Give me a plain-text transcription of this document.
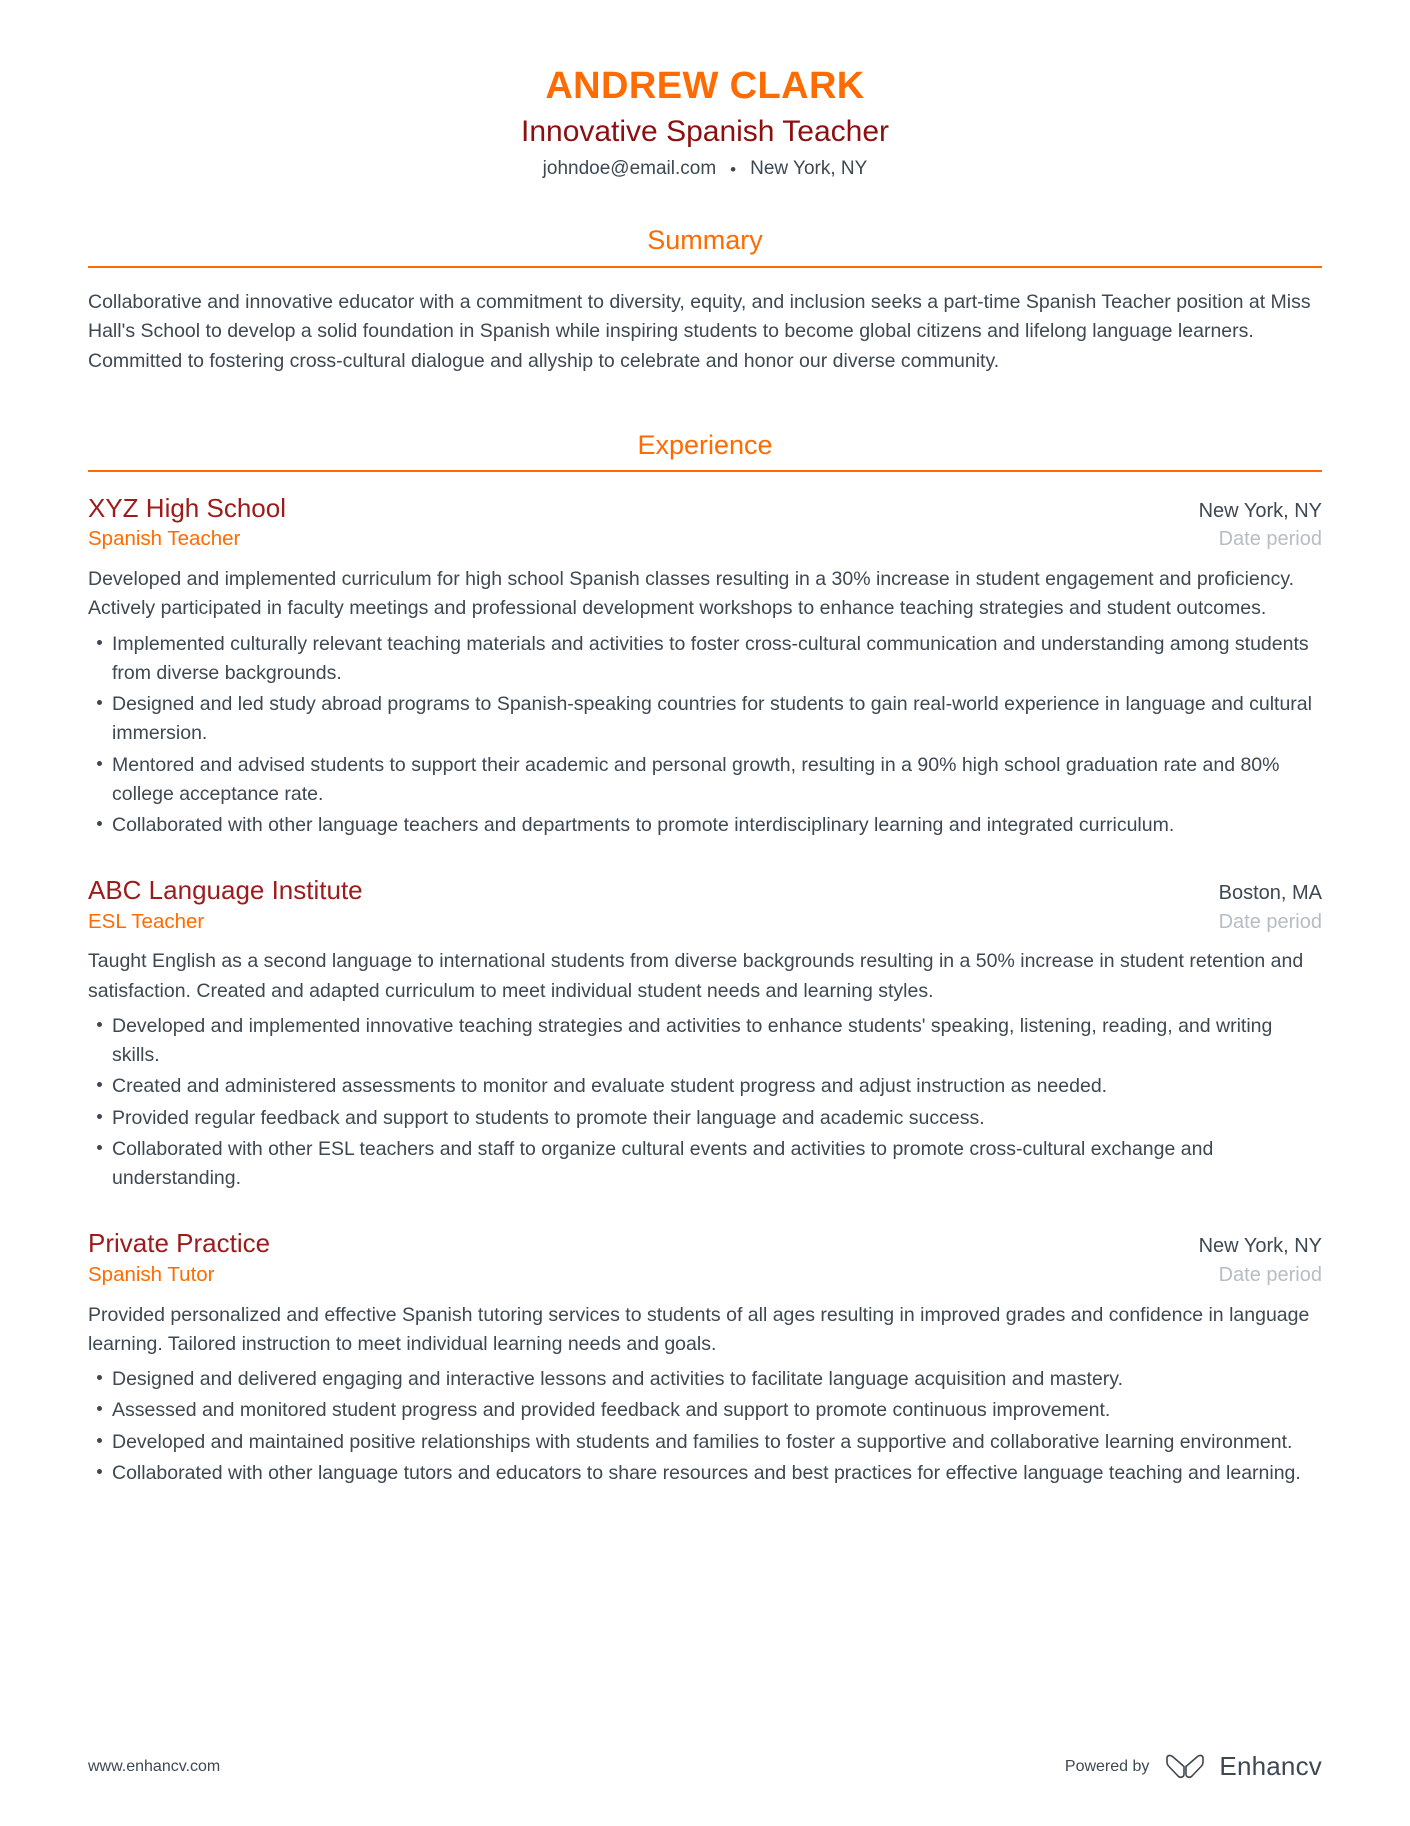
ANDREW CLARK
Innovative Spanish Teacher
johndoe@email.com • New York, NY
Summary

Collaborative and innovative educator with a commitment to diversity, equity, and inclusion seeks a part-time Spanish Teacher position at Miss Hall's School to develop a solid foundation in Spanish while inspiring students to become global citizens and lifelong language learners. Committed to fostering cross-cultural dialogue and allyship to celebrate and honor our diverse community.

Experience
XYZ High School	New York, NY
Spanish Teacher	Date period
Developed and implemented curriculum for high school Spanish classes resulting in a 30% increase in student engagement and proficiency. Actively participated in faculty meetings and professional development workshops to enhance teaching strategies and student outcomes.
Implemented culturally relevant teaching materials and activities to foster cross-cultural communication and understanding among students from diverse backgrounds.
Designed and led study abroad programs to Spanish-speaking countries for students to gain real-world experience in language and cultural immersion.
Mentored and advised students to support their academic and personal growth, resulting in a 90% high school graduation rate and 80% college acceptance rate.
Collaborated with other language teachers and departments to promote interdisciplinary learning and integrated curriculum.
ABC Language Institute	Boston, MA
ESL Teacher	Date period
Taught English as a second language to international students from diverse backgrounds resulting in a 50% increase in student retention and satisfaction. Created and adapted curriculum to meet individual student needs and learning styles.
Developed and implemented innovative teaching strategies and activities to enhance students' speaking, listening, reading, and writing skills.
Created and administered assessments to monitor and evaluate student progress and adjust instruction as needed.
Provided regular feedback and support to students to promote their language and academic success.
Collaborated with other ESL teachers and staff to organize cultural events and activities to promote cross-cultural exchange and understanding.
Private Practice	New York, NY
Spanish Tutor	Date period
Provided personalized and effective Spanish tutoring services to students of all ages resulting in improved grades and confidence in language learning. Tailored instruction to meet individual learning needs and goals.
Designed and delivered engaging and interactive lessons and activities to facilitate language acquisition and mastery.
Assessed and monitored student progress and provided feedback and support to promote continuous improvement.
Developed and maintained positive relationships with students and families to foster a supportive and collaborative learning environment.
Collaborated with other language tutors and educators to share resources and best practices for effective language teaching and learning.
www.enhancv.com	Powered by	Enhancv
